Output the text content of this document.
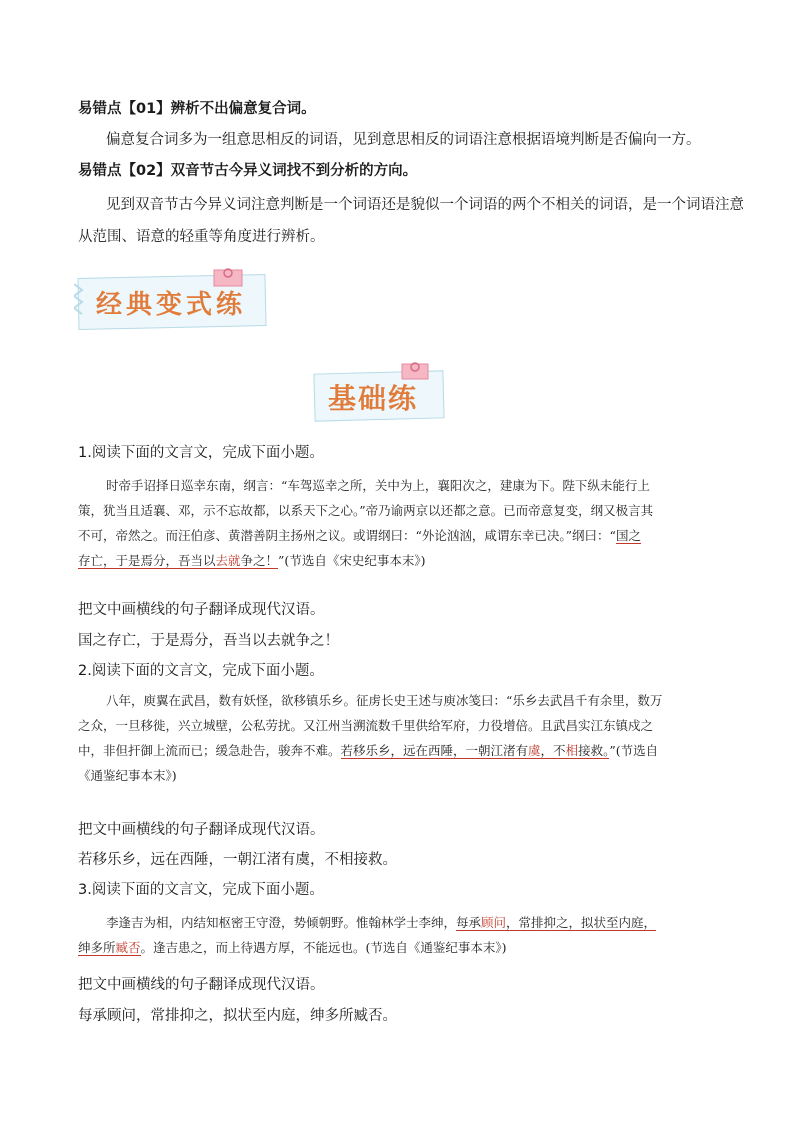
易错点【01】辨析不出偏意复合词。
偏意复合词多为一组意思相反的词语，见到意思相反的词语注意根据语境判断是否偏向一方。
易错点【02】双音节古今异义词找不到分析的方向。
见到双音节古今异义词注意判断是一个词语还是貌似一个词语的两个不相关的词语，是一个词语注意
从范围、语意的轻重等角度进行辨析。
经典变式练
基础练
1.阅读下面的文言文，完成下面小题。

时帝手诏择日巡幸东南，纲言：“车驾巡幸之所，关中为上，襄阳次之，建康为下。陛下纵未能行上

策，犹当且适襄、邓，示不忘故都，以系天下之心。”帝乃谕两京以还都之意。已而帝意复变，纲又极言其
不可，帝然之。而汪伯彦、黄潜善阴主扬州之议。或谓纲曰：“外论汹汹，咸谓东幸已决。”纲曰：“国之
存亡，于是焉分，吾当以去就争之！”(节选自《宋史纪事本末》)
把文中画横线的句子翻译成现代汉语。
国之存亡，于是焉分，吾当以去就争之！
2.阅读下面的文言文，完成下面小题。

八年，庾翼在武昌，数有妖怪，欲移镇乐乡。征虏长史王述与庾冰笺曰：“乐乡去武昌千有余里，数万

之众，一旦移徙，兴立城壁，公私劳扰。又江州当溯流数千里供给军府，力役增倍。且武昌实江东镇戍之
中，非但扞御上流而已；缓急赴告，骏奔不难。若移乐乡，远在西陲，一朝江渚有虞，不相接救。”(节选自
《通鉴纪事本末》)
把文中画横线的句子翻译成现代汉语。
若移乐乡，远在西陲，一朝江渚有虞，不相接救。
3.阅读下面的文言文，完成下面小题。

李逢吉为相，内结知枢密王守澄，势倾朝野。惟翰林学士李绅，每承顾问，常排抑之，拟状至内庭，

绅多所臧否。逢吉患之，而上待遇方厚，不能远也。(节选自《通鉴纪事本末》)
把文中画横线的句子翻译成现代汉语。
每承顾问，常排抑之，拟状至内庭，绅多所臧否。
